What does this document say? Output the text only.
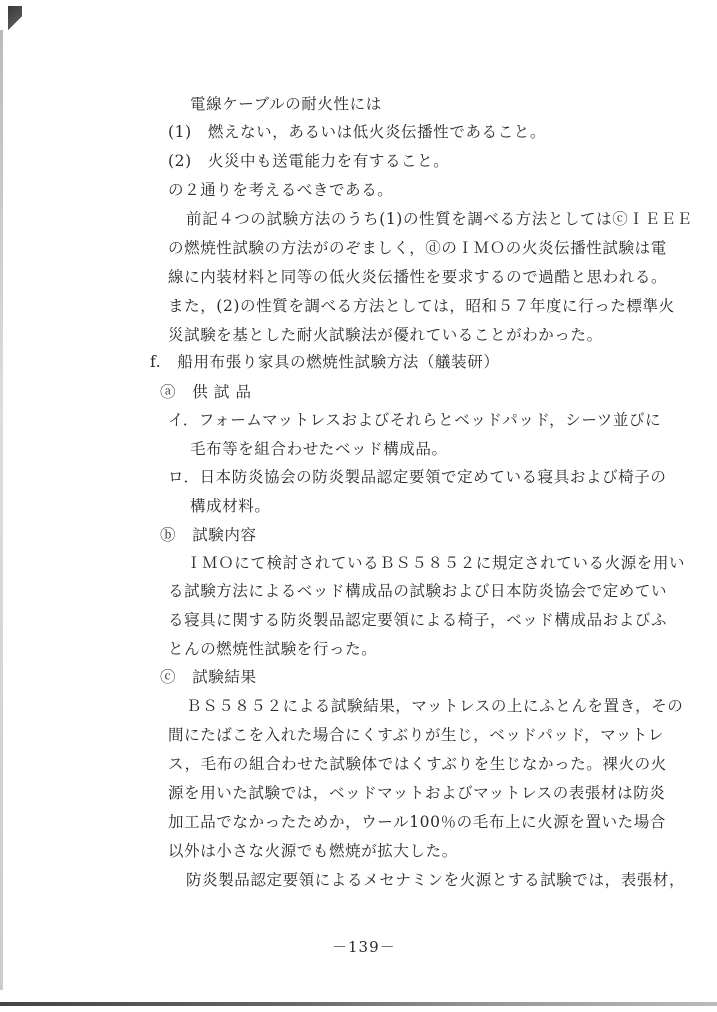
電線ケーブルの耐火性には
(1)　燃えない，あるいは低火炎伝播性であること。
(2)　火災中も送電能力を有すること。
の２通りを考えるべきである。
前記４つの試験方法のうち(1)の性質を調べる方法としてはⓒＩＥＥＥ
の燃焼性試験の方法がのぞましく，ⓓのＩＭＯの火炎伝播性試験は電
線に内装材料と同等の低火炎伝播性を要求するので過酷と思われる。
また，(2)の性質を調べる方法としては，昭和５７年度に行った標準火
災試験を基とした耐火試験法が優れていることがわかった。
f.　船用布張り家具の燃焼性試験方法（艤装研）
ⓐ　供 試 品
イ．フォームマットレスおよびそれらとベッドパッド，シーツ並びに
毛布等を組合わせたベッド構成品。
ロ．日本防炎協会の防炎製品認定要領で定めている寝具および椅子の
構成材料。
ⓑ　試験内容
ＩＭＯにて検討されているＢＳ５８５２に規定されている火源を用い
る試験方法によるベッド構成品の試験および日本防炎協会で定めてい
る寝具に関する防炎製品認定要領による椅子，ベッド構成品およびふ
とんの燃焼性試験を行った。
ⓒ　試験結果
ＢＳ５８５２による試験結果，マットレスの上にふとんを置き，その
間にたばこを入れた場合にくすぶりが生じ，ベッドパッド，マットレ
ス，毛布の組合わせた試験体ではくすぶりを生じなかった。裸火の火
源を用いた試験では，ベッドマットおよびマットレスの表張材は防炎
加工品でなかったためか，ウール100％の毛布上に火源を置いた場合
以外は小さな火源でも燃焼が拡大した。
防炎製品認定要領によるメセナミンを火源とする試験では，表張材，
－139－
